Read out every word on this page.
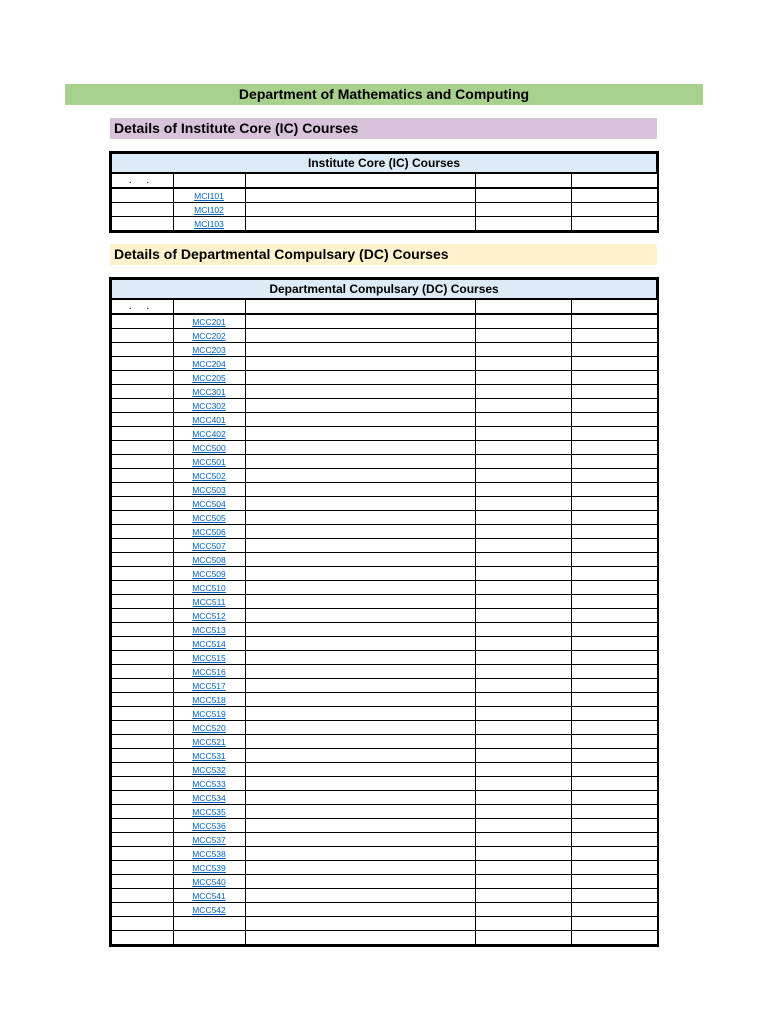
Department of Mathematics and Computing
Details of Institute Core (IC) Courses
Institute Core (IC) Courses				
. .				
	MCI101			
	MCI102			
	MCI103			
Details of Departmental Compulsary (DC) Courses
Departmental Compulsary (DC) Courses				
. .				
	MCC201			
	MCC202			
	MCC203			
	MCC204			
	MCC205			
	MCC301			
	MCC302			
	MCC401			
	MCC402			
	MCC500			
	MCC501			
	MCC502			
	MCC503			
	MCC504			
	MCC505			
	MCC506			
	MCC507			
	MCC508			
	MCC509			
	MCC510			
	MCC511			
	MCC512			
	MCC513			
	MCC514			
	MCC515			
	MCC516			
	MCC517			
	MCC518			
	MCC519			
	MCC520			
	MCC521			
	MCC531			
	MCC532			
	MCC533			
	MCC534			
	MCC535			
	MCC536			
	MCC537			
	MCC538			
	MCC539			
	MCC540			
	MCC541			
	MCC542			
